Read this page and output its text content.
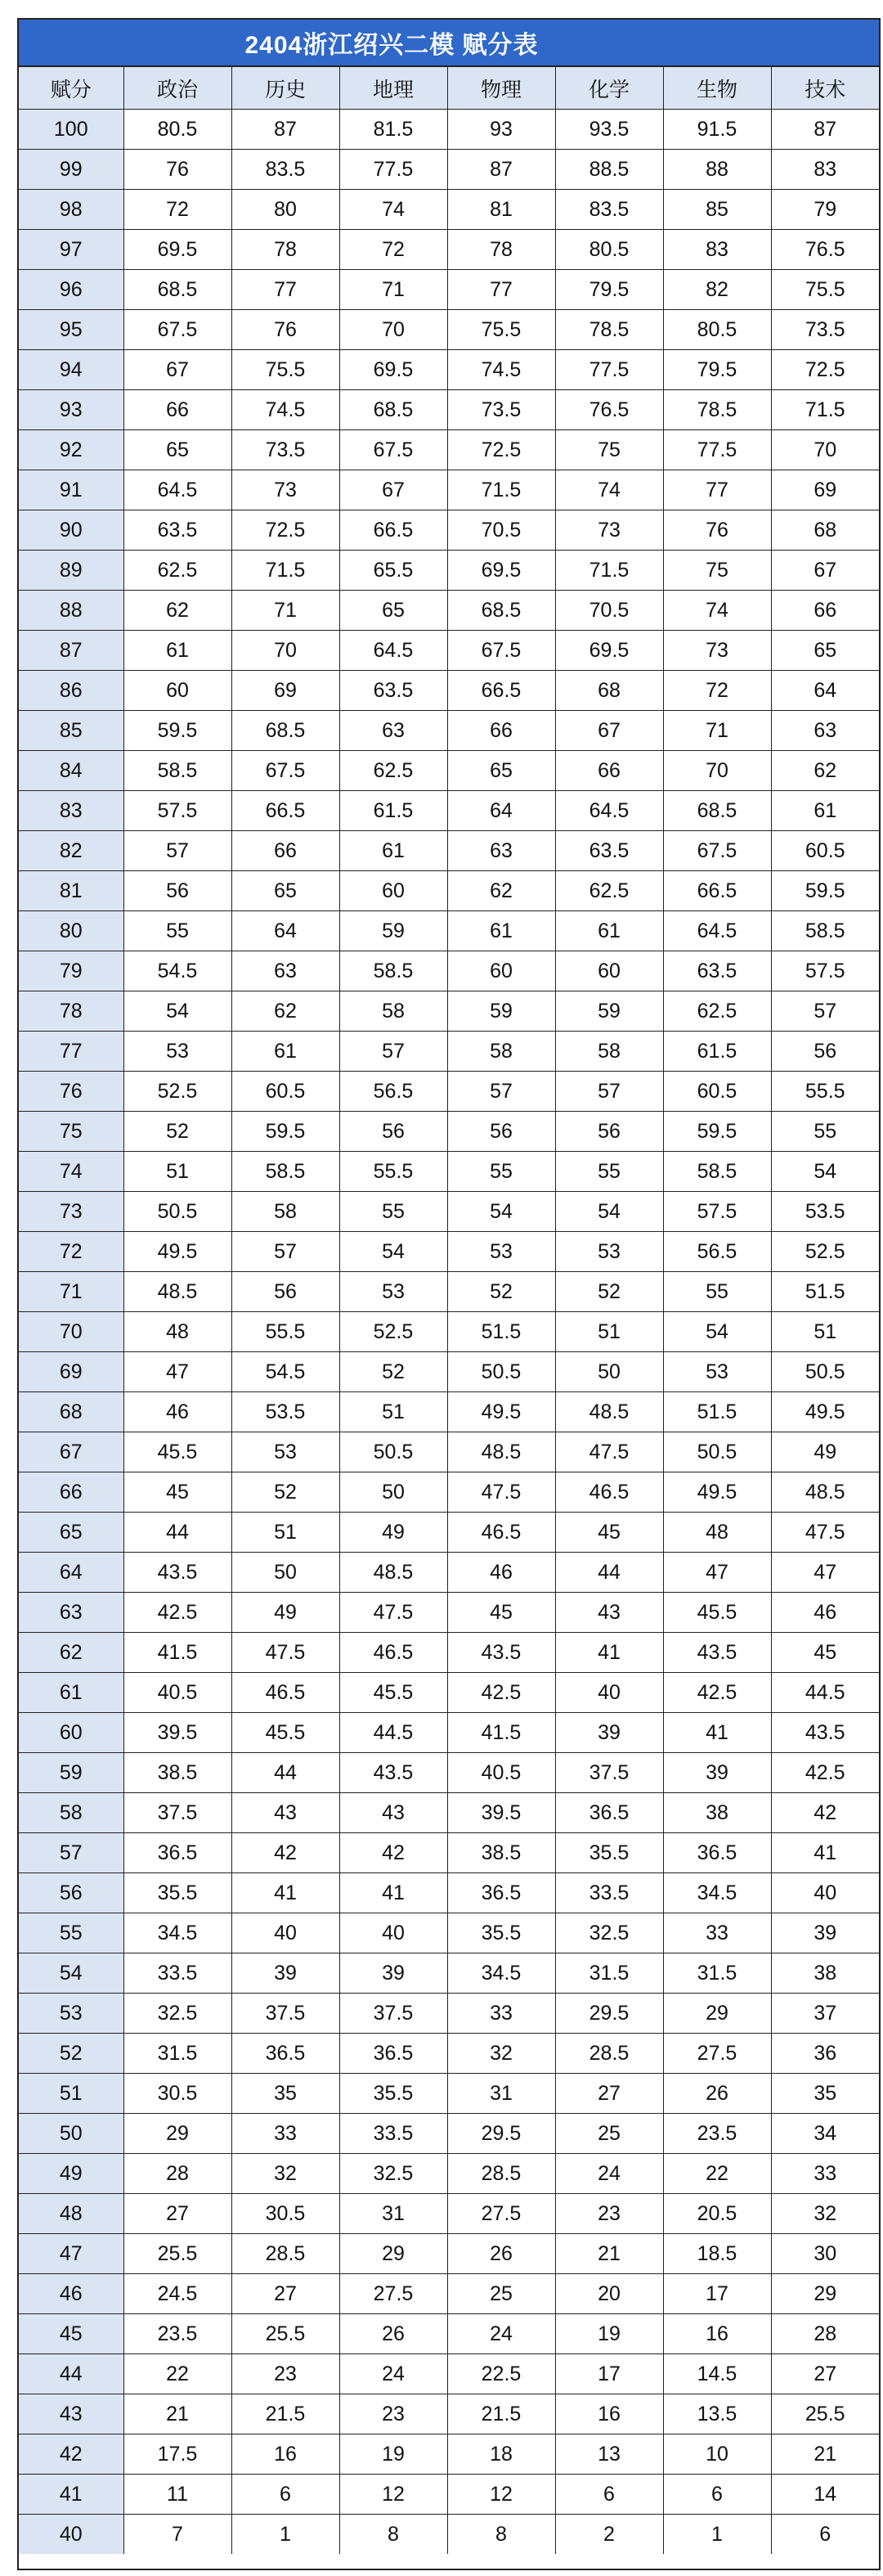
2404浙江绍兴二模 赋分表
赋分	政治	历史	地理	物理	化学	生物	技术
100	80.5	87	81.5	93	93.5	91.5	87
99	76	83.5	77.5	87	88.5	88	83
98	72	80	74	81	83.5	85	79
97	69.5	78	72	78	80.5	83	76.5
96	68.5	77	71	77	79.5	82	75.5
95	67.5	76	70	75.5	78.5	80.5	73.5
94	67	75.5	69.5	74.5	77.5	79.5	72.5
93	66	74.5	68.5	73.5	76.5	78.5	71.5
92	65	73.5	67.5	72.5	75	77.5	70
91	64.5	73	67	71.5	74	77	69
90	63.5	72.5	66.5	70.5	73	76	68
89	62.5	71.5	65.5	69.5	71.5	75	67
88	62	71	65	68.5	70.5	74	66
87	61	70	64.5	67.5	69.5	73	65
86	60	69	63.5	66.5	68	72	64
85	59.5	68.5	63	66	67	71	63
84	58.5	67.5	62.5	65	66	70	62
83	57.5	66.5	61.5	64	64.5	68.5	61
82	57	66	61	63	63.5	67.5	60.5
81	56	65	60	62	62.5	66.5	59.5
80	55	64	59	61	61	64.5	58.5
79	54.5	63	58.5	60	60	63.5	57.5
78	54	62	58	59	59	62.5	57
77	53	61	57	58	58	61.5	56
76	52.5	60.5	56.5	57	57	60.5	55.5
75	52	59.5	56	56	56	59.5	55
74	51	58.5	55.5	55	55	58.5	54
73	50.5	58	55	54	54	57.5	53.5
72	49.5	57	54	53	53	56.5	52.5
71	48.5	56	53	52	52	55	51.5
70	48	55.5	52.5	51.5	51	54	51
69	47	54.5	52	50.5	50	53	50.5
68	46	53.5	51	49.5	48.5	51.5	49.5
67	45.5	53	50.5	48.5	47.5	50.5	49
66	45	52	50	47.5	46.5	49.5	48.5
65	44	51	49	46.5	45	48	47.5
64	43.5	50	48.5	46	44	47	47
63	42.5	49	47.5	45	43	45.5	46
62	41.5	47.5	46.5	43.5	41	43.5	45
61	40.5	46.5	45.5	42.5	40	42.5	44.5
60	39.5	45.5	44.5	41.5	39	41	43.5
59	38.5	44	43.5	40.5	37.5	39	42.5
58	37.5	43	43	39.5	36.5	38	42
57	36.5	42	42	38.5	35.5	36.5	41
56	35.5	41	41	36.5	33.5	34.5	40
55	34.5	40	40	35.5	32.5	33	39
54	33.5	39	39	34.5	31.5	31.5	38
53	32.5	37.5	37.5	33	29.5	29	37
52	31.5	36.5	36.5	32	28.5	27.5	36
51	30.5	35	35.5	31	27	26	35
50	29	33	33.5	29.5	25	23.5	34
49	28	32	32.5	28.5	24	22	33
48	27	30.5	31	27.5	23	20.5	32
47	25.5	28.5	29	26	21	18.5	30
46	24.5	27	27.5	25	20	17	29
45	23.5	25.5	26	24	19	16	28
44	22	23	24	22.5	17	14.5	27
43	21	21.5	23	21.5	16	13.5	25.5
42	17.5	16	19	18	13	10	21
41	11	6	12	12	6	6	14
40	7	1	8	8	2	1	6
